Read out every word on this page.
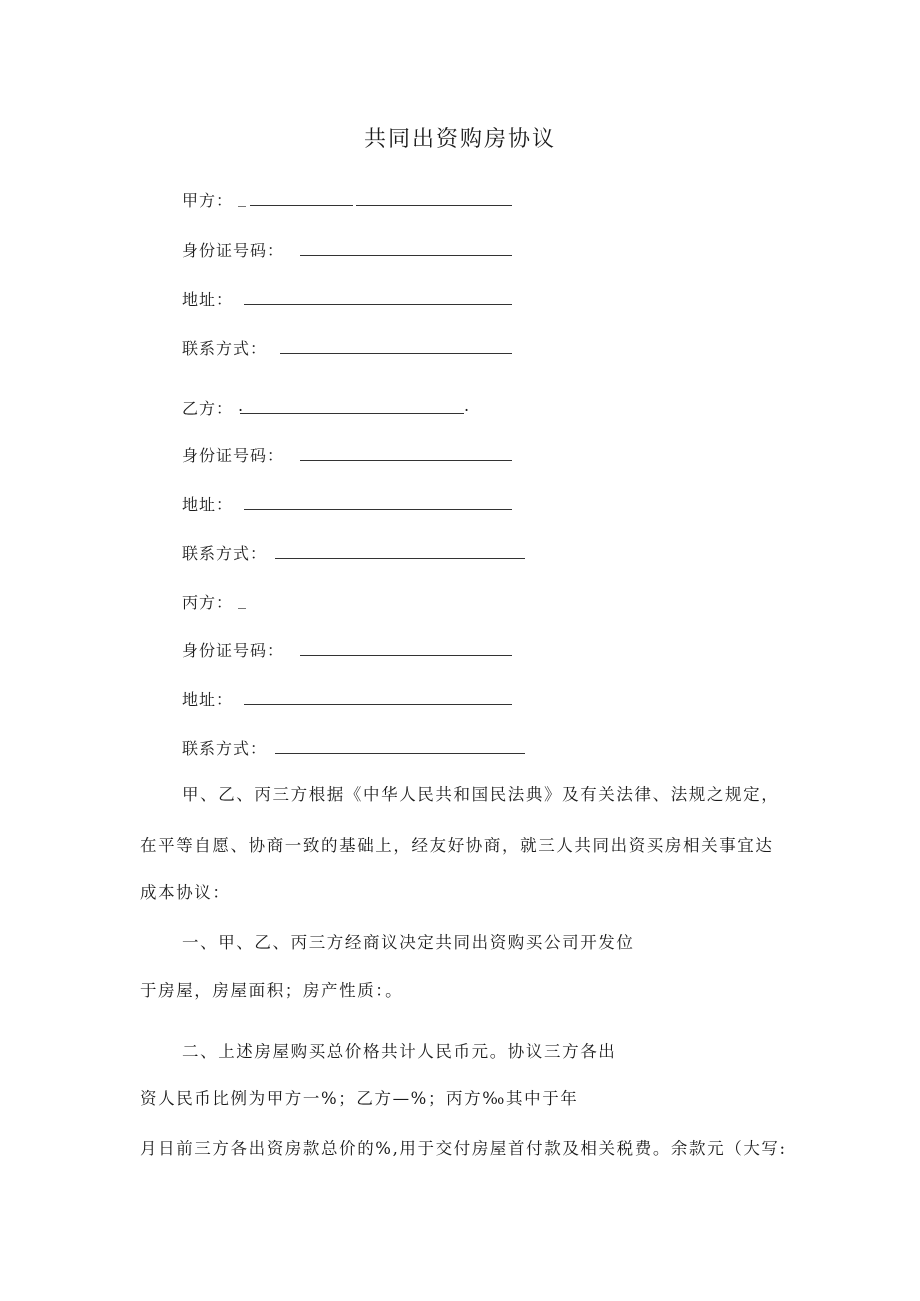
共同出资购房协议
甲方： _
身份证号码：
地址：
联系方式：
乙方： .	.
身份证号码：
地址：
联系方式：
丙方： _
身份证号码：
地址：
联系方式：
甲、乙、丙三方根据《中华人民共和国民法典》及有关法律、法规之规定，
在平等自愿、协商一致的基础上，经友好协商，就三人共同出资买房相关事宜达
成本协议：
一、甲、乙、丙三方经商议决定共同出资购买公司开发位
于房屋，房屋面积；房产性质：。
二、上述房屋购买总价格共计人民币元。协议三方各出
资人民币比例为甲方一%；乙方—%；丙方‰其中于年
月日前三方各出资房款总价的%,用于交付房屋首付款及相关税费。余款元（大写:
